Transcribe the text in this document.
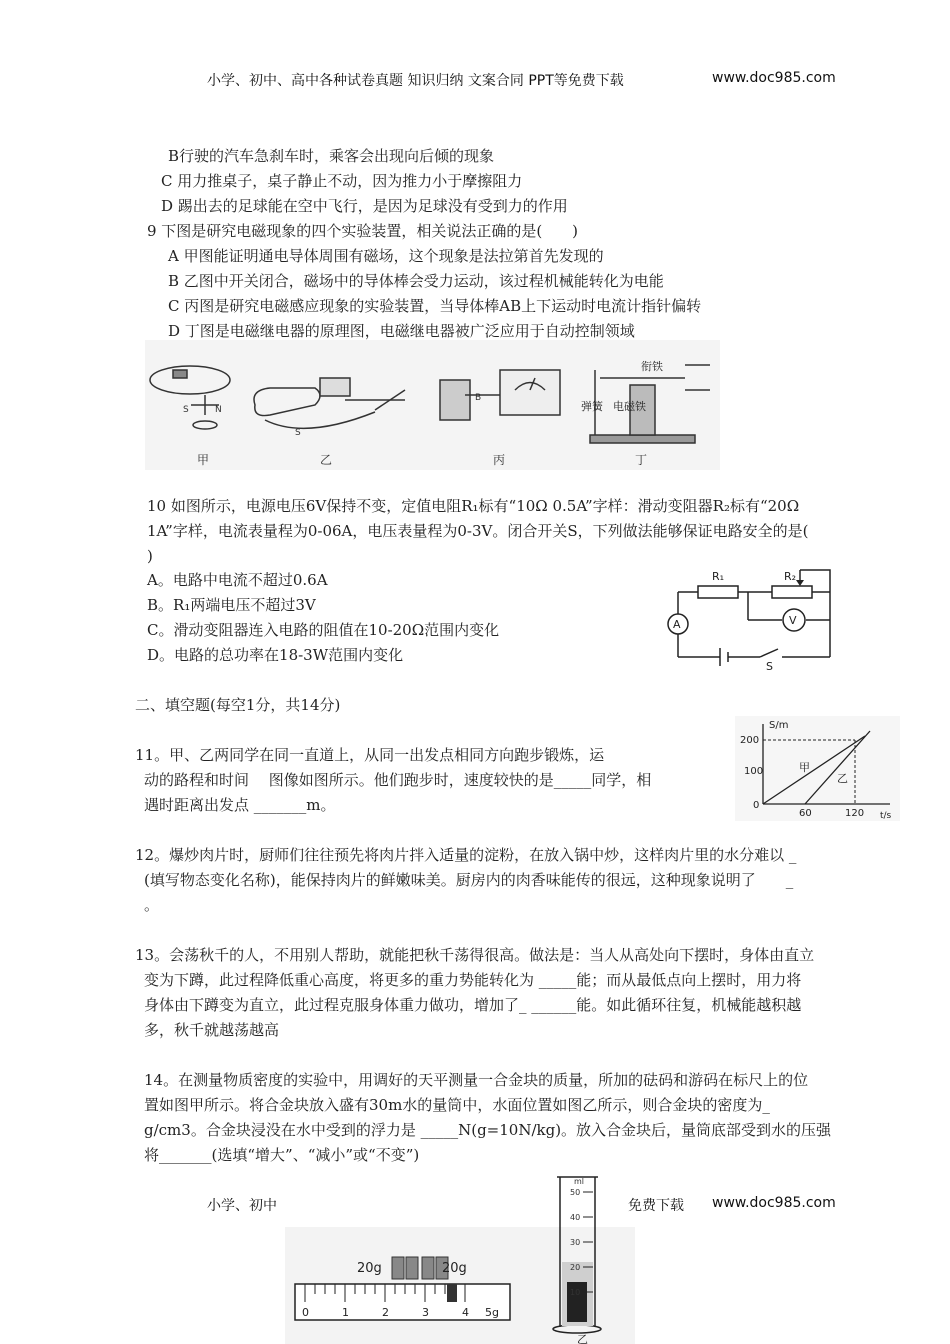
小学、初中、高中各种试卷真题 知识归纳 文案合同 PPT等免费下载	www.doc985.com
B行驶的汽车急刹车时，乘客会出现向后倾的现象
C 用力推桌子，桌子静止不动，因为推力小于摩擦阻力
D 踢出去的足球能在空中飞行，是因为足球没有受到力的作用
9 下图是研究电磁现象的四个实验装置，相关说法正确的是(　　)
A 甲图能证明通电导体周围有磁场，这个现象是法拉第首先发现的
B 乙图中开关闭合，磁场中的导体棒会受力运动，该过程机械能转化为电能
C 丙图是研究电磁感应现象的实验装置，当导体棒AB上下运动时电流计指针偏转
D 丁图是电磁继电器的原理图，电磁继电器被广泛应用于自动控制领域
S	N
S
B
衔铁
弹簧 电磁铁
甲	乙	丙	丁
10 如图所示，电源电压6V保持不变，定值电阻R₁标有“10Ω 0.5A”字样：滑动变阻器R₂标有“20Ω
1A”字样，电流表量程为0-06A，电压表量程为0-3V。闭合开关S，下列做法能够保证电路安全的是(
)
A。电路中电流不超过0.6A
B。R₁两端电压不超过3V
C。滑动变阻器连入电路的阻值在10-20Ω范围内变化
D。电路的总功率在18-3W范围内变化
R₁	R₂
A	V
S
二、填空题(每空1分，共14分)
11。甲、乙两同学在同一直道上，从同一出发点相同方向跑步锻炼，运
动的路程和时间　 图像如图所示。他们跑步时，速度较快的是_____同学，相
遇时距离出发点 _______m。
S/m
t/s
200
100
0
60	120
甲
乙
12。爆炒肉片时，厨师们往往预先将肉片拌入适量的淀粉，在放入锅中炒，这样肉片里的水分难以 _
(填写物态变化名称)，能保持肉片的鲜嫩味美。厨房内的肉香味能传的很远，这种现象说明了　　_
。
13。会荡秋千的人，不用别人帮助，就能把秋千荡得很高。做法是：当人从高处向下摆时，身体由直立
变为下蹲，此过程降低重心高度，将更多的重力势能转化为 _____能；而从最低点向上摆时，用力将
身体由下蹲变为直立，此过程克服身体重力做功，增加了_ ______能。如此循环往复，机械能越积越
多，秋千就越荡越高
14。在测量物质密度的实验中，用调好的天平测量一合金块的质量，所加的砝码和游码在标尺上的位
置如图甲所示。将合金块放入盛有30m水的量筒中，水面位置如图乙所示，则合金块的密度为_
g/cm3。合金块浸没在水中受到的浮力是 _____N(g=10N/kg)。放入合金块后，量筒底部受到水的压强
将_______(选填“增大”、“减小”或“不变”)
小学、初中	免费下载 www.doc985.com
20g	20g
0	1	2	3	4 5g
ml
50
40
30
20
10
乙
